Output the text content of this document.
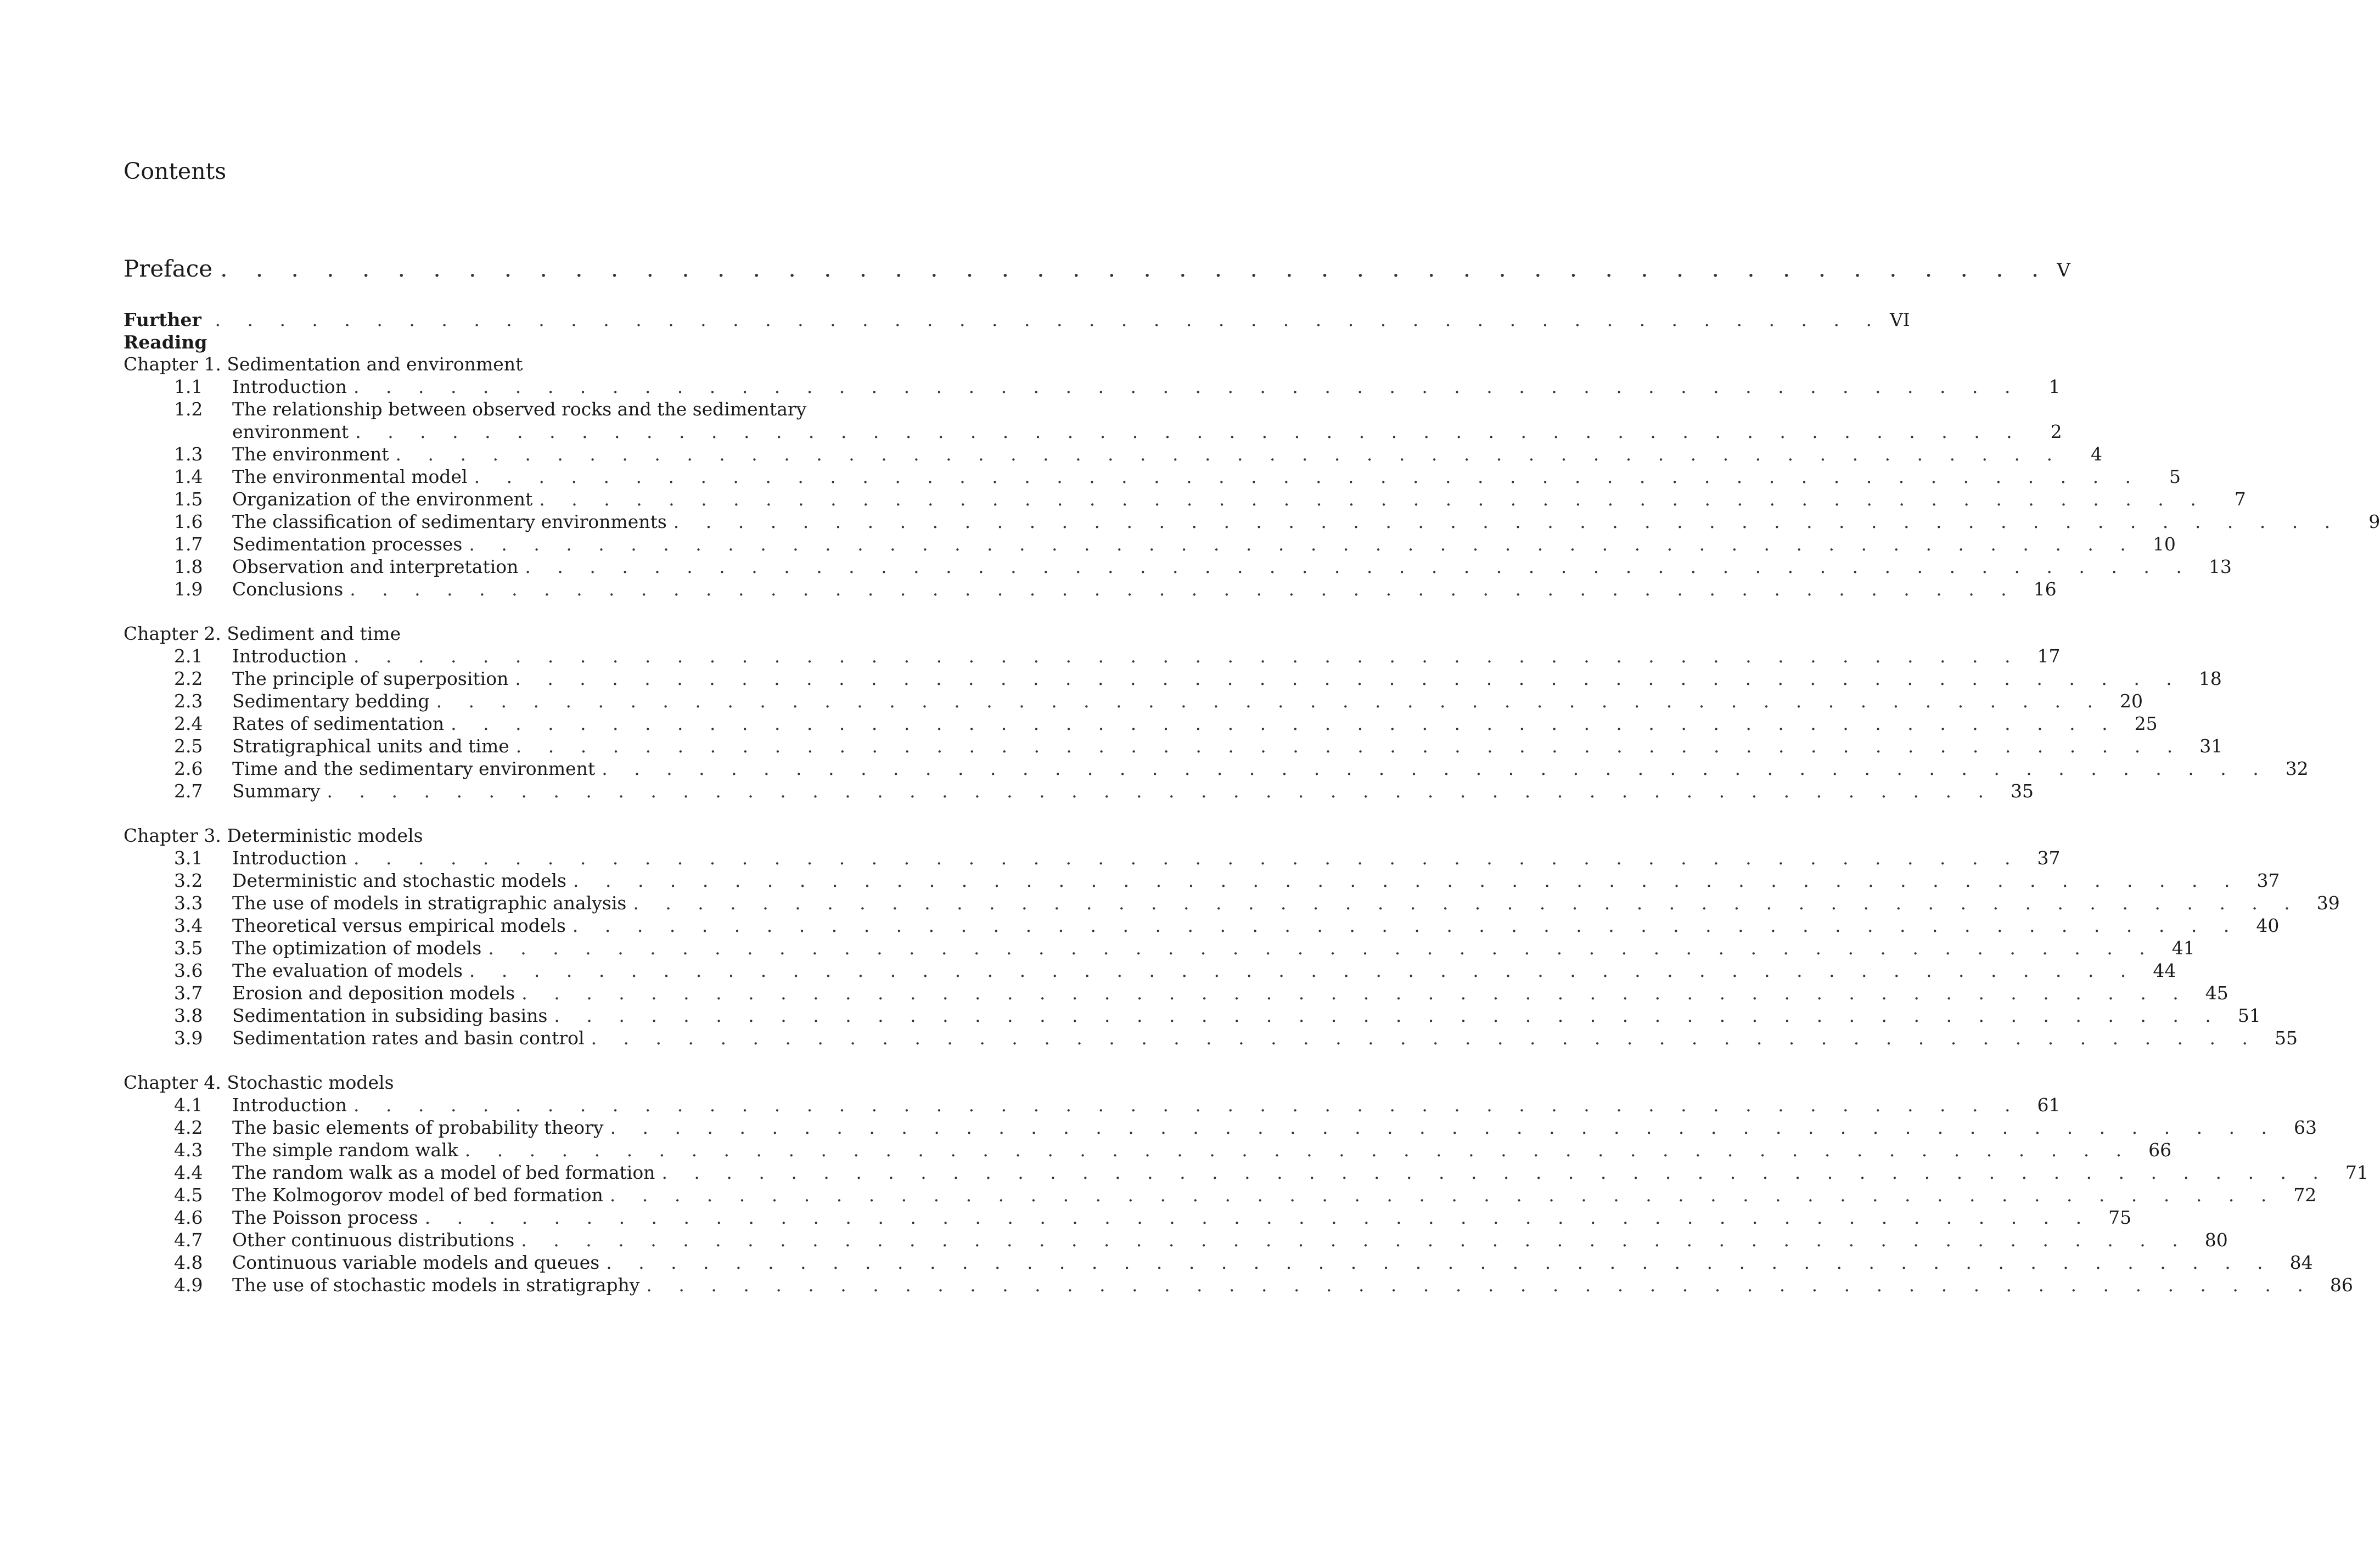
Contents
Preface . . . . . . . . . . . . . . . . . . . . . . . . . . . . . . . . . . . . . . . . . . . . . . . . . . . . V
Further Reading
. . . . . . . . . . . . . . . . . . . . . . . . . . . . . . . . . . . . . . . . . . . . . . . . . . . . VI
Chapter 1. Sedimentation and environment
1.1	Introduction . . . . . . . . . . . . . . . . . . . . . . . . . . . . . . . . . . . . . . . . . . . . . . . . . . . .	1
1.2	The relationship between observed rocks and the sedimentary
environment . . . . . . . . . . . . . . . . . . . . . . . . . . . . . . . . . . . . . . . . . . . . . . . . . . . .	2
1.3	The environment . . . . . . . . . . . . . . . . . . . . . . . . . . . . . . . . . . . . . . . . . . . . . . . . . . . .	4
1.4	The environmental model . . . . . . . . . . . . . . . . . . . . . . . . . . . . . . . . . . . . . . . . . . . . . . . . . . . .	5
1.5	Organization of the environment . . . . . . . . . . . . . . . . . . . . . . . . . . . . . . . . . . . . . . . . . . . . . . . . . . . .	7
1.6	The classification of sedimentary environments . . . . . . . . . . . . . . . . . . . . . . . . . . . . . . . . . . . . . . . . . . . . . . . . . . . .	9
1.7	Sedimentation processes . . . . . . . . . . . . . . . . . . . . . . . . . . . . . . . . . . . . . . . . . . . . . . . . . . . . 10
1.8	Observation and interpretation . . . . . . . . . . . . . . . . . . . . . . . . . . . . . . . . . . . . . . . . . . . . . . . . . . . . 13
1.9	Conclusions . . . . . . . . . . . . . . . . . . . . . . . . . . . . . . . . . . . . . . . . . . . . . . . . . . . . 16
Chapter 2. Sediment and time
2.1	Introduction . . . . . . . . . . . . . . . . . . . . . . . . . . . . . . . . . . . . . . . . . . . . . . . . . . . . 17
2.2	The principle of superposition . . . . . . . . . . . . . . . . . . . . . . . . . . . . . . . . . . . . . . . . . . . . . . . . . . . . 18
2.3	Sedimentary bedding . . . . . . . . . . . . . . . . . . . . . . . . . . . . . . . . . . . . . . . . . . . . . . . . . . . . 20
2.4	Rates of sedimentation . . . . . . . . . . . . . . . . . . . . . . . . . . . . . . . . . . . . . . . . . . . . . . . . . . . . 25
2.5	Stratigraphical units and time . . . . . . . . . . . . . . . . . . . . . . . . . . . . . . . . . . . . . . . . . . . . . . . . . . . . 31
2.6	Time and the sedimentary environment . . . . . . . . . . . . . . . . . . . . . . . . . . . . . . . . . . . . . . . . . . . . . . . . . . . . 32
2.7	Summary . . . . . . . . . . . . . . . . . . . . . . . . . . . . . . . . . . . . . . . . . . . . . . . . . . . . 35
Chapter 3. Deterministic models
3.1	Introduction . . . . . . . . . . . . . . . . . . . . . . . . . . . . . . . . . . . . . . . . . . . . . . . . . . . . 37
3.2	Deterministic and stochastic models . . . . . . . . . . . . . . . . . . . . . . . . . . . . . . . . . . . . . . . . . . . . . . . . . . . . 37
3.3	The use of models in stratigraphic analysis . . . . . . . . . . . . . . . . . . . . . . . . . . . . . . . . . . . . . . . . . . . . . . . . . . . . 39
3.4	Theoretical versus empirical models . . . . . . . . . . . . . . . . . . . . . . . . . . . . . . . . . . . . . . . . . . . . . . . . . . . . 40
3.5	The optimization of models . . . . . . . . . . . . . . . . . . . . . . . . . . . . . . . . . . . . . . . . . . . . . . . . . . . . 41
3.6	The evaluation of models . . . . . . . . . . . . . . . . . . . . . . . . . . . . . . . . . . . . . . . . . . . . . . . . . . . . 44
3.7	Erosion and deposition models . . . . . . . . . . . . . . . . . . . . . . . . . . . . . . . . . . . . . . . . . . . . . . . . . . . . 45
3.8	Sedimentation in subsiding basins . . . . . . . . . . . . . . . . . . . . . . . . . . . . . . . . . . . . . . . . . . . . . . . . . . . . 51
3.9	Sedimentation rates and basin control . . . . . . . . . . . . . . . . . . . . . . . . . . . . . . . . . . . . . . . . . . . . . . . . . . . . 55
Chapter 4. Stochastic models
4.1	Introduction . . . . . . . . . . . . . . . . . . . . . . . . . . . . . . . . . . . . . . . . . . . . . . . . . . . . 61
4.2	The basic elements of probability theory . . . . . . . . . . . . . . . . . . . . . . . . . . . . . . . . . . . . . . . . . . . . . . . . . . . . 63
4.3	The simple random walk . . . . . . . . . . . . . . . . . . . . . . . . . . . . . . . . . . . . . . . . . . . . . . . . . . . . 66
4.4	The random walk as a model of bed formation . . . . . . . . . . . . . . . . . . . . . . . . . . . . . . . . . . . . . . . . . . . . . . . . . . . . 71
4.5	The Kolmogorov model of bed formation . . . . . . . . . . . . . . . . . . . . . . . . . . . . . . . . . . . . . . . . . . . . . . . . . . . . 72
4.6	The Poisson process . . . . . . . . . . . . . . . . . . . . . . . . . . . . . . . . . . . . . . . . . . . . . . . . . . . . 75
4.7	Other continuous distributions . . . . . . . . . . . . . . . . . . . . . . . . . . . . . . . . . . . . . . . . . . . . . . . . . . . . 80
4.8	Continuous variable models and queues . . . . . . . . . . . . . . . . . . . . . . . . . . . . . . . . . . . . . . . . . . . . . . . . . . . . 84
4.9	The use of stochastic models in stratigraphy . . . . . . . . . . . . . . . . . . . . . . . . . . . . . . . . . . . . . . . . . . . . . . . . . . . . 86
